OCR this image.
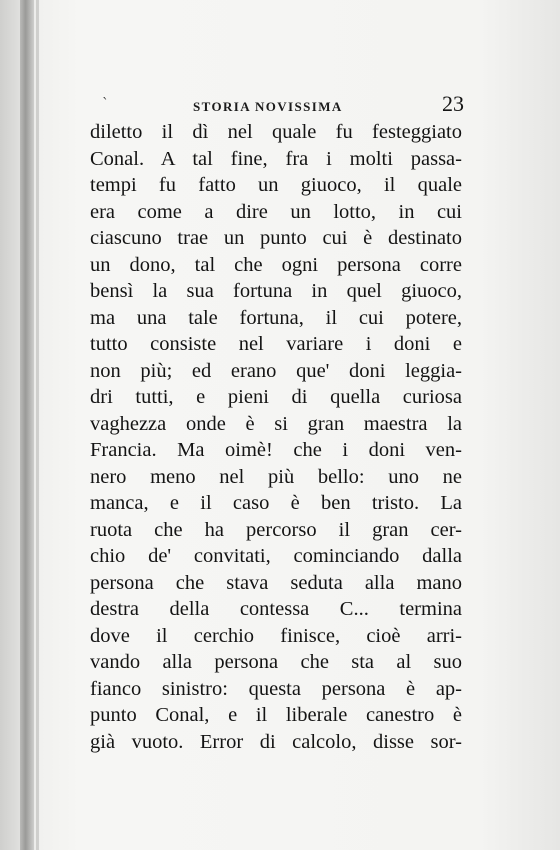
`	STORIA NOVISSIMA	23
diletto il dì nel quale fu festeggiato
Conal. A tal fine, fra i molti passa-
tempi fu fatto un giuoco, il quale
era come a dire un lotto, in cui
ciascuno trae un punto cui è destinato
un dono, tal che ogni persona corre
bensì la sua fortuna in quel giuoco,
ma una tale fortuna, il cui potere,
tutto consiste nel variare i doni e
non più; ed erano que' doni leggia-
dri tutti, e pieni di quella curiosa
vaghezza onde è si gran maestra la
Francia. Ma oimè! che i doni ven-
nero meno nel più bello: uno ne
manca, e il caso è ben tristo. La
ruota che ha percorso il gran cer-
chio de' convitati, cominciando dalla
persona che stava seduta alla mano
destra della contessa C... termina
dove il cerchio finisce, cioè arri-
vando alla persona che sta al suo
fianco sinistro: questa persona è ap-
punto Conal, e il liberale canestro è
già vuoto. Error di calcolo, disse sor-
